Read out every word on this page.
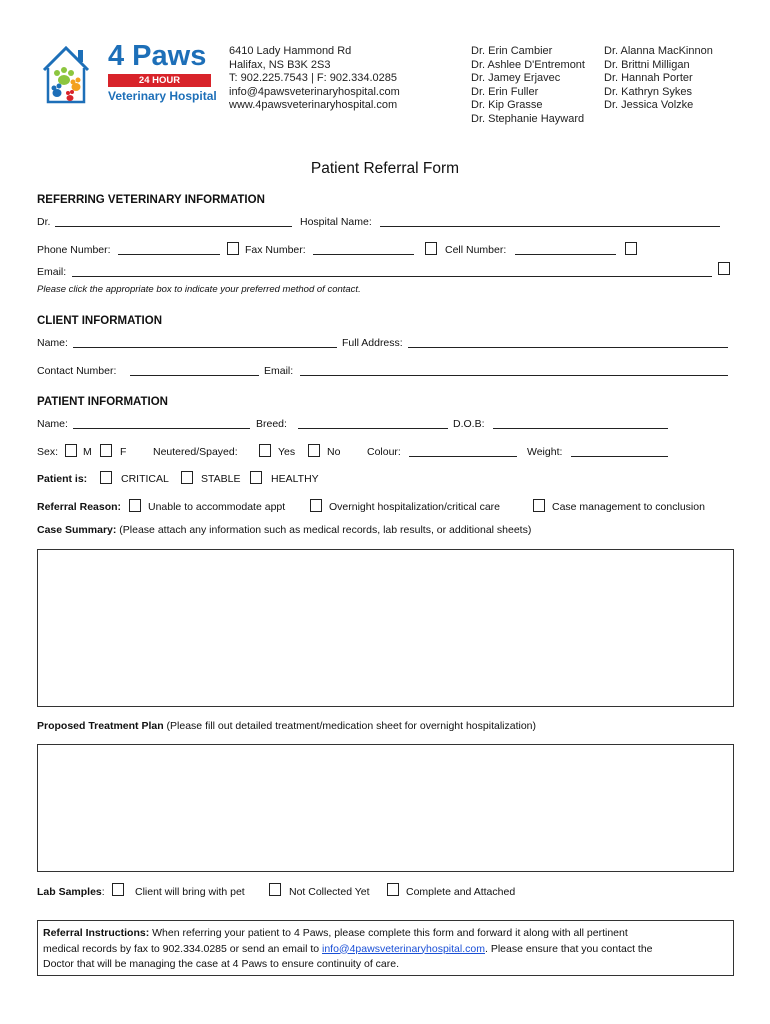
4 Paws
24 HOUR
Veterinary Hospital
6410 Lady Hammond Rd
Halifax, NS B3K 2S3
T: 902.225.7543 | F: 902.334.0285
info@4pawsveterinaryhospital.com
www.4pawsveterinaryhospital.com
Dr. Erin Cambier
Dr. Ashlee D'Entremont
Dr. Jamey Erjavec
Dr. Erin Fuller
Dr. Kip Grasse
Dr. Stephanie Hayward
Dr. Alanna MacKinnon
Dr. Brittni Milligan
Dr. Hannah Porter
Dr. Kathryn Sykes
Dr. Jessica Volzke
Patient Referral Form
REFERRING VETERINARY INFORMATION
Dr.	Hospital Name:
Phone Number:	Fax Number:	Cell Number:
Email:
Please click the appropriate box to indicate your preferred method of contact.
CLIENT INFORMATION
Name:	Full Address:
Contact Number:	Email:
PATIENT INFORMATION
Name:	Breed:	D.O.B:
Sex: M	F	Neutered/Spayed:	Yes	No	Colour:	Weight:
Patient is:	CRITICAL	STABLE	HEALTHY
Referral Reason:	Unable to accommodate appt	Overnight hospitalization/critical care	Case management to conclusion
Case Summary: (Please attach any information such as medical records, lab results, or additional sheets)
Proposed Treatment Plan (Please fill out detailed treatment/medication sheet for overnight hospitalization)
Lab Samples:	Client will bring with pet	Not Collected Yet	Complete and Attached
Referral Instructions: When referring your patient to 4 Paws, please complete this form and forward it along with all pertinent
medical records by fax to 902.334.0285 or send an email to info@4pawsveterinaryhospital.com. Please ensure that you contact the
Doctor that will be managing the case at 4 Paws to ensure continuity of care.
